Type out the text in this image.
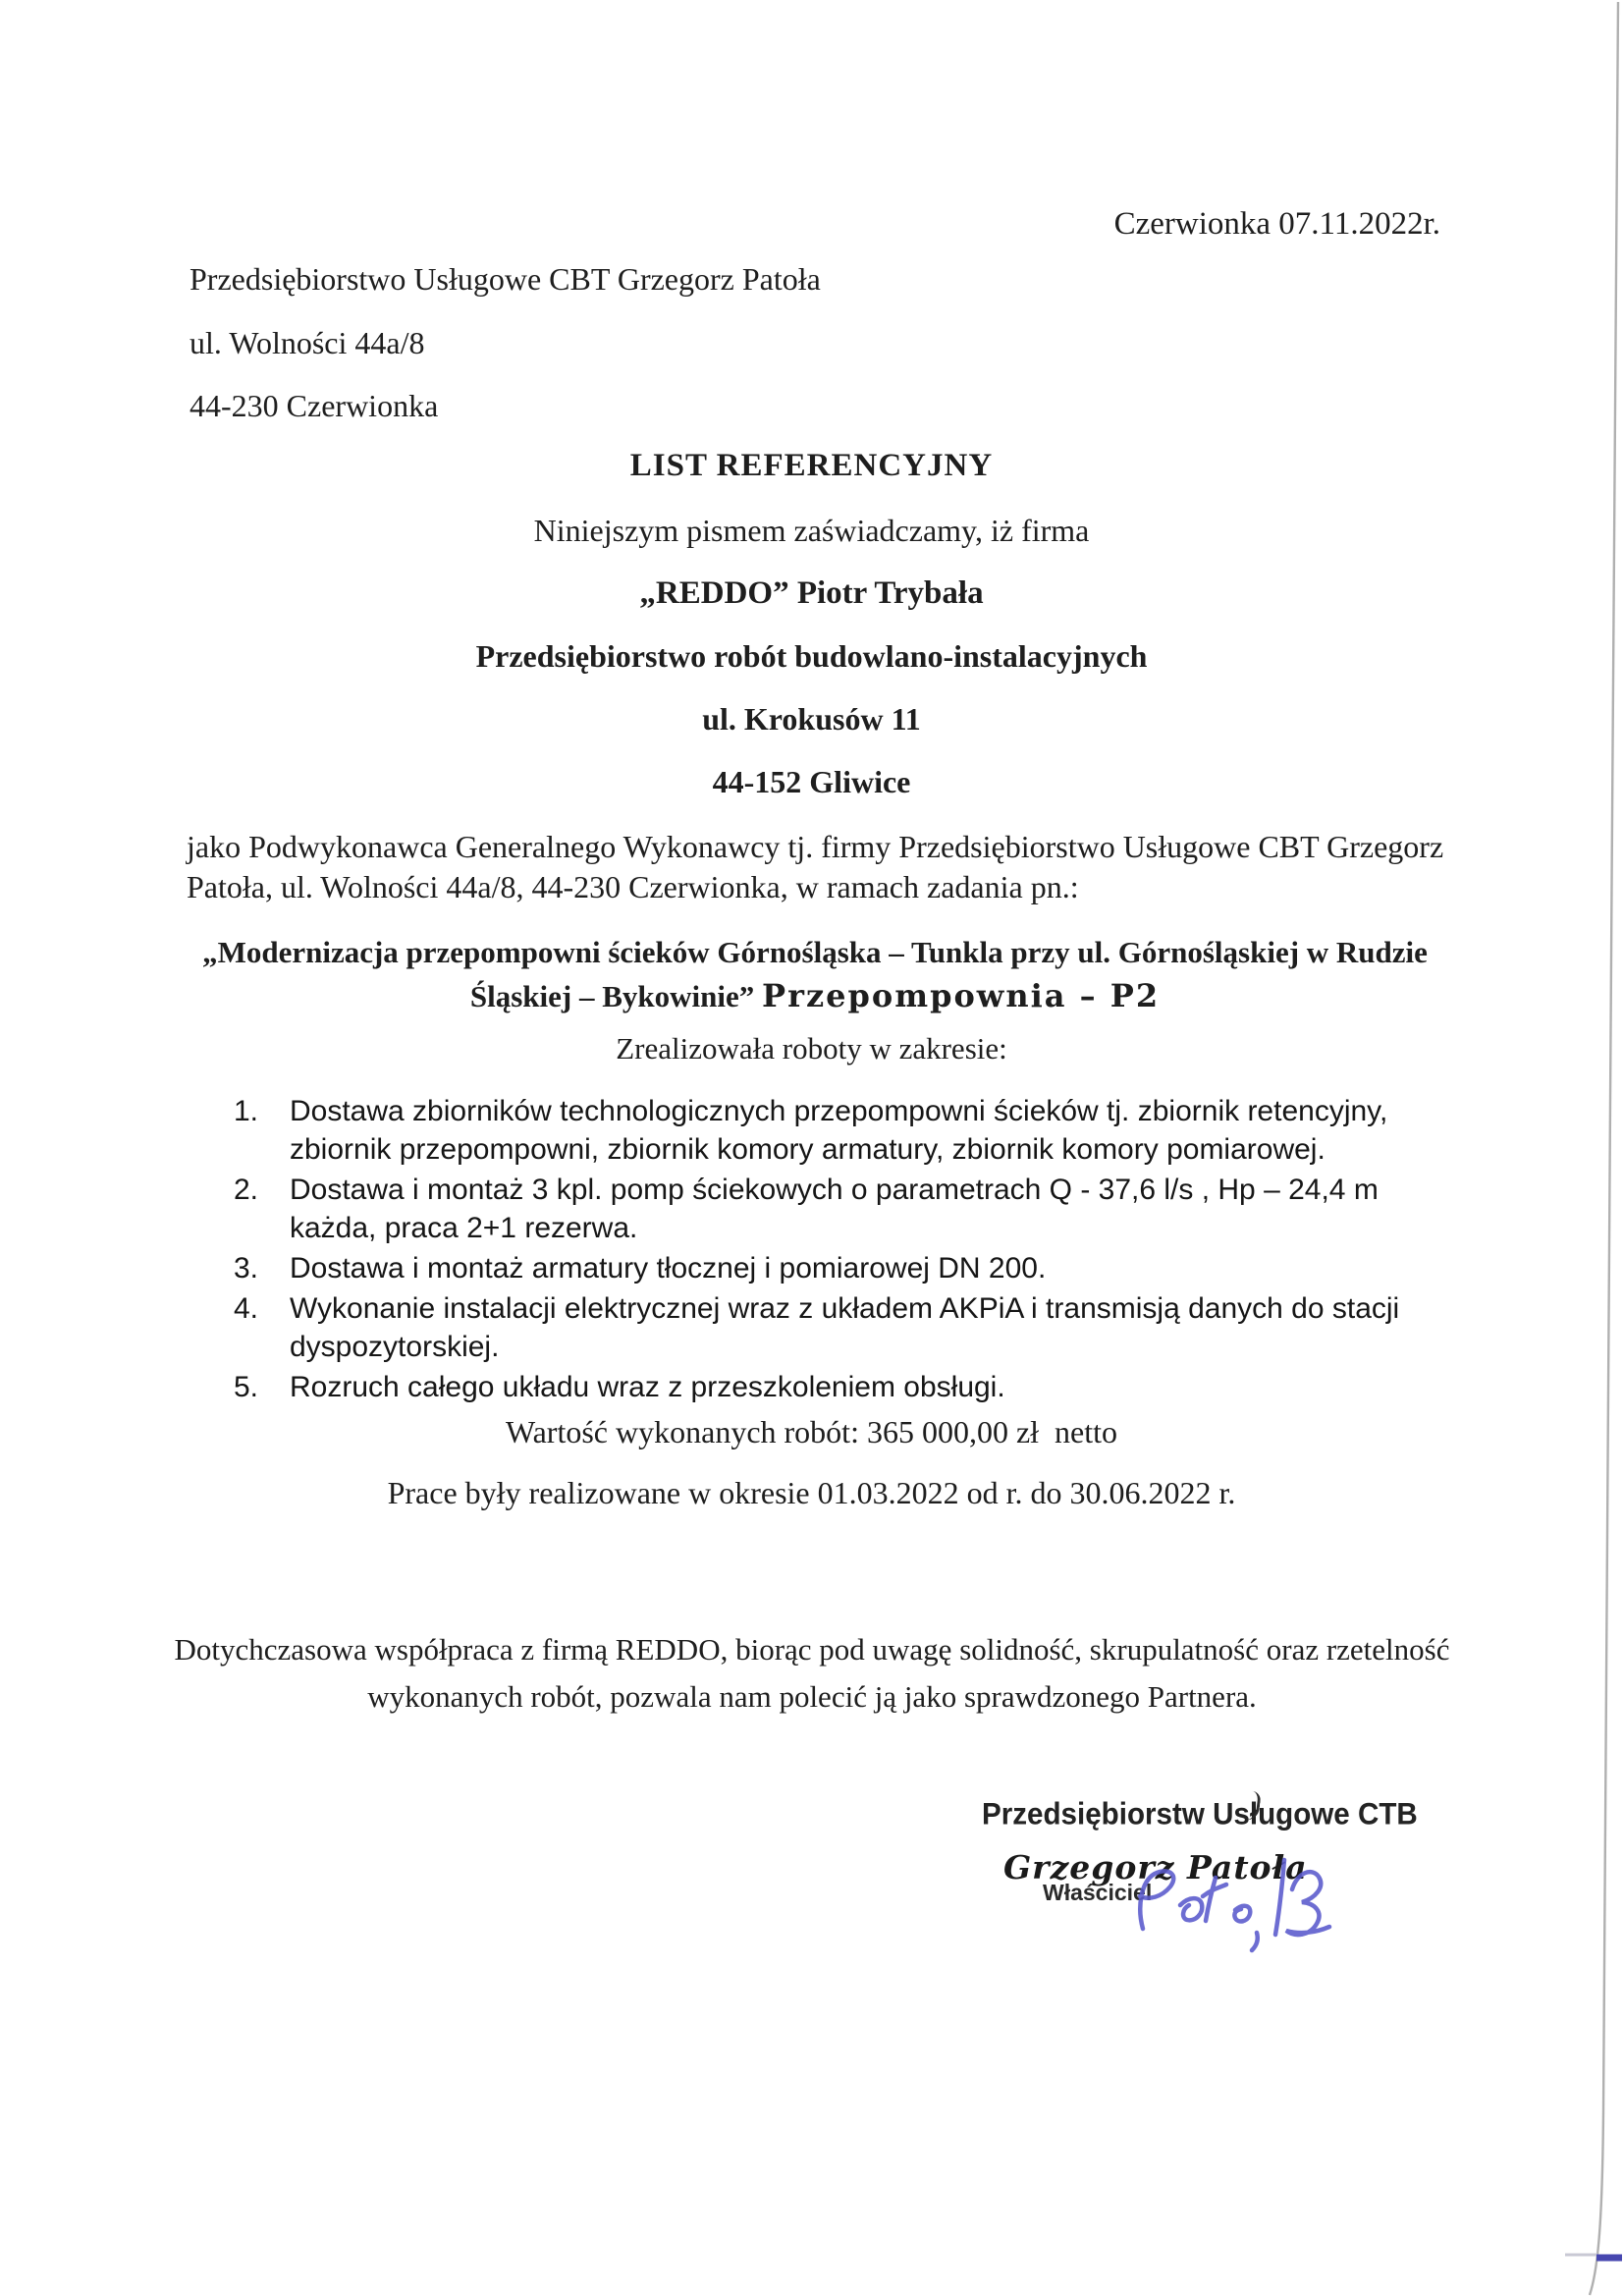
Czerwionka 07.11.2022r.
Przedsiębiorstwo Usługowe CBT Grzegorz Patoła
ul. Wolności 44a/8
44-230 Czerwionka
LIST REFERENCYJNY
Niniejszym pismem zaświadczamy, iż firma
„REDDO” Piotr Trybała
Przedsiębiorstwo robót budowlano-instalacyjnych
ul. Krokusów 11
44-152 Gliwice
jako Podwykonawca Generalnego Wykonawcy tj. firmy Przedsiębiorstwo Usługowe CBT Grzegorz Patoła, ul. Wolności 44a/8, 44-230 Czerwionka, w ramach zadania pn.:
„Modernizacja przepompowni ścieków Górnośląska – Tunkla przy ul. Górnośląskiej w Rudzie Śląskiej – Bykowinie” Przepompownia – P2
Zrealizowała roboty w zakresie:
1.	Dostawa zbiorników technologicznych przepompowni ścieków tj. zbiornik retencyjny, zbiornik przepompowni, zbiornik komory armatury, zbiornik komory pomiarowej.
2.	Dostawa i montaż 3 kpl. pomp ściekowych o parametrach Q - 37,6 l/s , Hp – 24,4 m każda, praca 2+1 rezerwa.
3.	Dostawa i montaż armatury tłocznej i pomiarowej DN 200.
4.	Wykonanie instalacji elektrycznej wraz z układem AKPiA i transmisją danych do stacji dyspozytorskiej.
5.	Rozruch całego układu wraz z przeszkoleniem obsługi.
Wartość wykonanych robót: 365 000,00 zł  netto
Prace były realizowane w okresie 01.03.2022 od r. do 30.06.2022 r.
Dotychczasowa współpraca z firmą REDDO, biorąc pod uwagę solidność, skrupulatność oraz rzetelność wykonanych robót, pozwala nam polecić ją jako sprawdzonego Partnera.
Przedsiębiorstw Usługowe CTB
Grzegorz Patoła
Właściciel
